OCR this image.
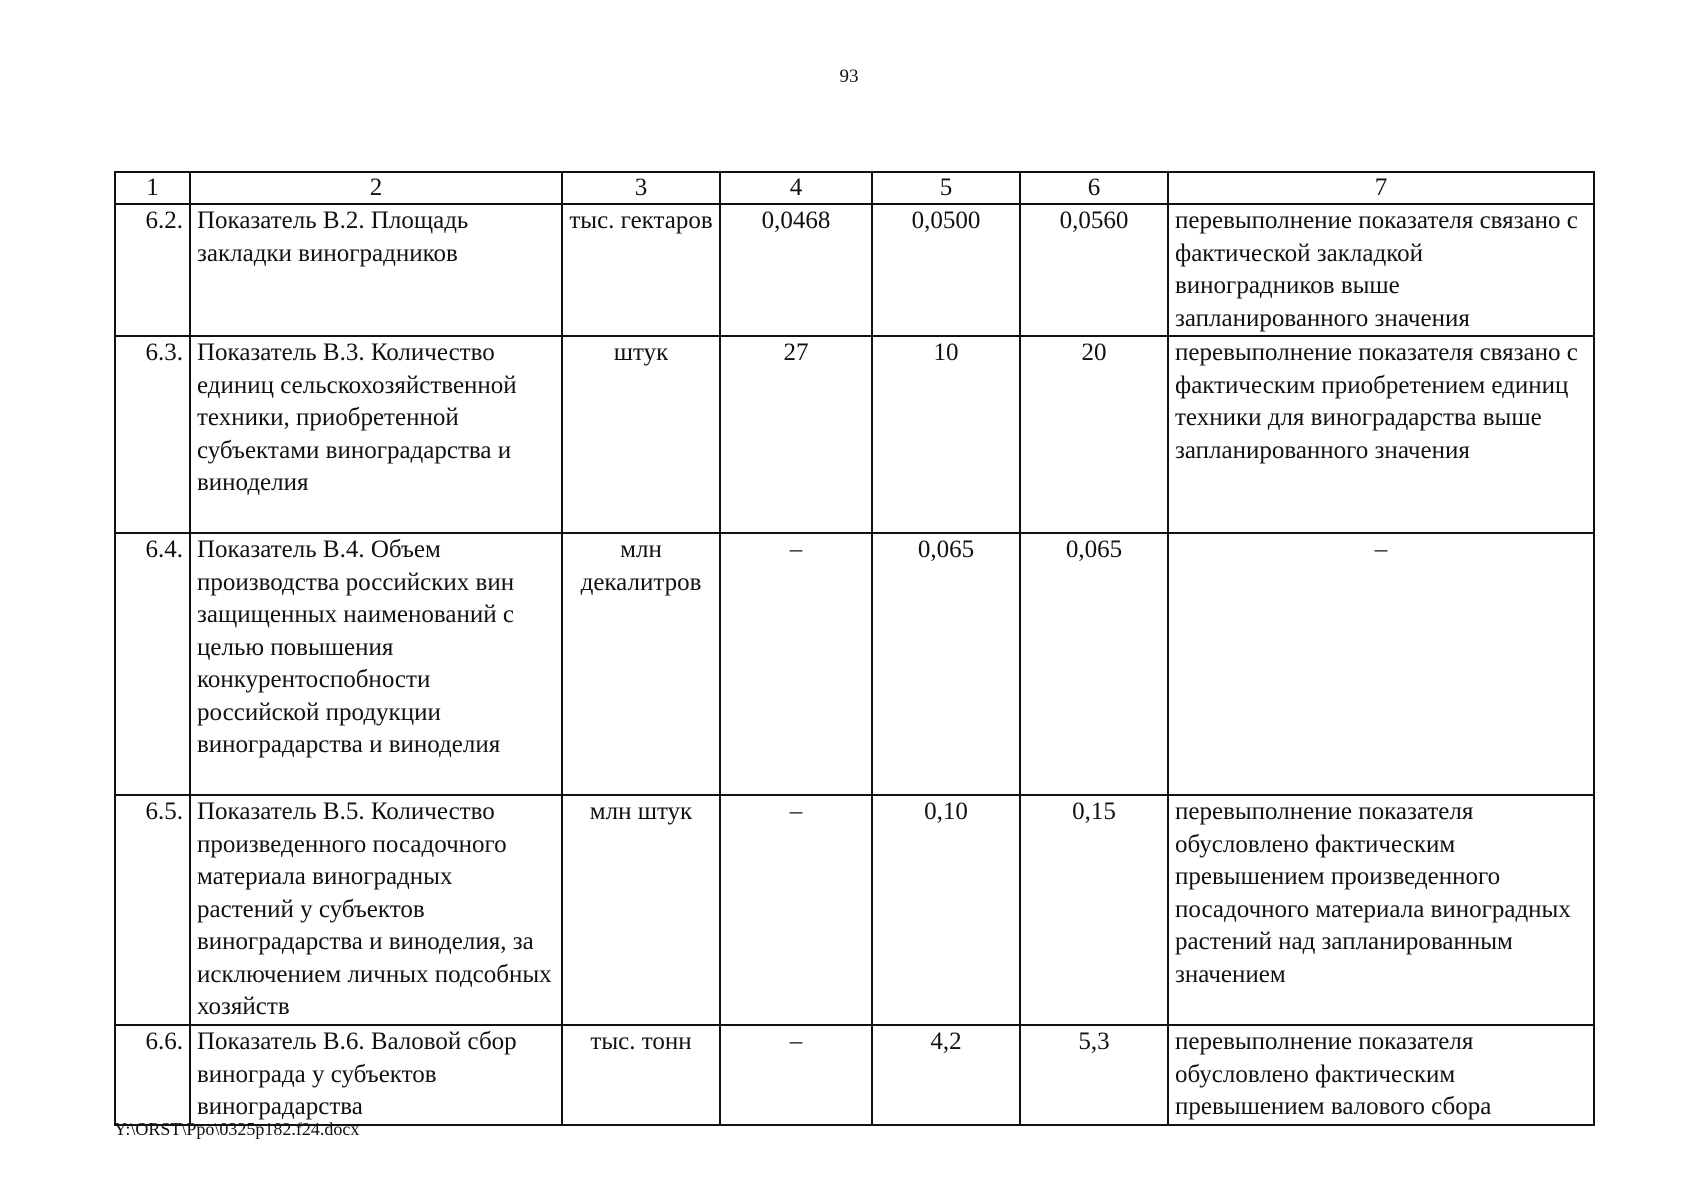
93
1	2	3	4	5	6	7
6.2.	Показатель В.2. Площадь закладки виноградников	тыс. гектаров	0,0468	0,0500	0,0560	перевыполнение показателя связано с фактической закладкой виноградников выше запланированного значения
6.3.	Показатель В.3. Количество единиц сельскохозяйственной техники, приобретенной субъектами виноградарства и виноделия	штук	27	10	20	перевыполнение показателя связано с фактическим приобретением единиц техники для виноградарства выше запланированного значения
6.4.	Показатель В.4. Объем производства российских вин защищенных наименований с целью повышения конкурентоспобности российской продукции виноградарства и виноделия	млн декалитров	–	0,065	0,065	–
6.5.	Показатель В.5. Количество произведенного посадочного материала виноградных растений у субъектов виноградарства и виноделия, за исключением личных подсобных хозяйств	млн штук	–	0,10	0,15	перевыполнение показателя обусловлено фактическим превышением произведенного посадочного материала виноградных растений над запланированным значением
6.6.	Показатель В.6. Валовой сбор винограда у субъектов виноградарства	тыс. тонн	–	4,2	5,3	перевыполнение показателя обусловлено фактическим превышением валового сбора
Y:\ORST\Ppo\0325p182.f24.docx
